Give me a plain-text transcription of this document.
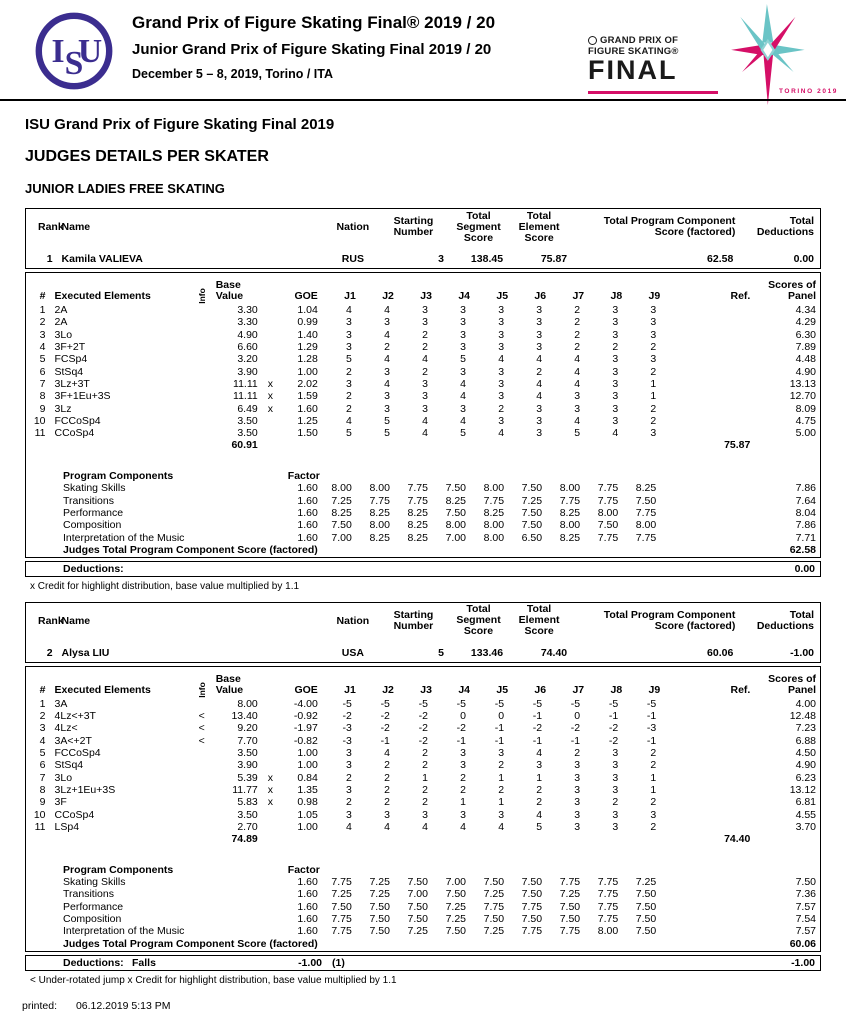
I S
U
Grand Prix of Figure Skating Final® 2019 / 20
Junior Grand Prix of Figure Skating Final 2019 / 20
December 5 – 8, 2019, Torino / ITA
GRAND PRIX OF
FIGURE SKATING®
FINAL
TORINO 2019
ISU Grand Prix of Figure Skating Final 2019
JUDGES DETAILS PER SKATER
JUNIOR LADIES FREE SKATING
Rank	Name	Nation	Starting
Number	Total
Segment
Score	Total
Element
Score	Total Program Component
Score (factored)	Total
Deductions
1	Kamila VALIEVA	RUS	3	138.45	75.87	62.58	0.00
#	Executed Elements	Info	Base
Value		GOE	J1	J2	J3	J4	J5	J6	J7	J8	J9	Ref.	Scores of
Panel
1	2A		3.30		1.04	4	4	3	3	3	3	2	3	3		4.34
2	2A		3.30		0.99	3	3	3	3	3	3	2	3	3		4.29
3	3Lo		4.90		1.40	3	4	2	3	3	3	2	3	3		6.30
4	3F+2T		6.60		1.29	3	2	2	3	3	3	2	2	2		7.89
5	FCSp4		3.20		1.28	5	4	4	5	4	4	4	3	3		4.48
6	StSq4		3.90		1.00	2	3	2	3	3	2	4	3	2		4.90
7	3Lz+3T		11.11	x	2.02	3	4	3	4	3	4	4	3	1		13.13
8	3F+1Eu+3S		11.11	x	1.59	2	3	3	4	3	4	3	3	1		12.70
9	3Lz		6.49	x	1.60	2	3	3	3	2	3	3	3	2		8.09
10	FCCoSp4		3.50		1.25	4	5	4	4	3	3	4	3	2		4.75
11	CCoSp4		3.50		1.50	5	5	4	5	4	3	5	4	3		5.00
			60.91												75.87	

Program Components					Factor											
Skating Skills					1.60	8.00	8.00	7.75	7.50	8.00	7.50	8.00	7.75	8.25		7.86
Transitions					1.60	7.25	7.75	7.75	8.25	7.75	7.25	7.75	7.75	7.50		7.64
Performance					1.60	8.25	8.25	8.25	7.50	8.25	7.50	8.25	8.00	7.75		8.04
Composition					1.60	7.50	8.00	8.25	8.00	8.00	7.50	8.00	7.50	8.00		7.86
Interpretation of the Music					1.60	7.00	8.25	8.25	7.00	8.00	6.50	8.25	7.75	7.75		7.71
Judges Total Program Component Score (factored)																62.58
Deductions:	0.00
x Credit for highlight distribution, base value multiplied by 1.1
Rank	Name	Nation	Starting
Number	Total
Segment
Score	Total
Element
Score	Total Program Component
Score (factored)	Total
Deductions
2	Alysa LIU	USA	5	133.46	74.40	60.06	-1.00
#	Executed Elements	Info	Base
Value		GOE	J1	J2	J3	J4	J5	J6	J7	J8	J9	Ref.	Scores of
Panel
1	3A		8.00		-4.00	-5	-5	-5	-5	-5	-5	-5	-5	-5		4.00
2	4Lz<+3T	<	13.40		-0.92	-2	-2	-2	0	0	-1	0	-1	-1		12.48
3	4Lz<	<	9.20		-1.97	-3	-2	-2	-2	-1	-2	-2	-2	-3		7.23
4	3A<+2T	<	7.70		-0.82	-3	-1	-2	-1	-1	-1	-1	-2	-1		6.88
5	FCCoSp4		3.50		1.00	3	4	2	3	3	4	2	3	2		4.50
6	StSq4		3.90		1.00	3	2	2	3	2	3	3	3	2		4.90
7	3Lo		5.39	x	0.84	2	2	1	2	1	1	3	3	1		6.23
8	3Lz+1Eu+3S		11.77	x	1.35	3	2	2	2	2	2	3	3	1		13.12
9	3F		5.83	x	0.98	2	2	2	1	1	2	3	2	2		6.81
10	CCoSp4		3.50		1.05	3	3	3	3	3	4	3	3	3		4.55
11	LSp4		2.70		1.00	4	4	4	4	4	5	3	3	2		3.70
			74.89												74.40	

Program Components					Factor											
Skating Skills					1.60	7.75	7.25	7.50	7.00	7.50	7.50	7.75	7.75	7.25		7.50
Transitions					1.60	7.25	7.25	7.00	7.50	7.25	7.50	7.25	7.75	7.50		7.36
Performance					1.60	7.50	7.50	7.50	7.25	7.75	7.75	7.50	7.75	7.50		7.57
Composition					1.60	7.75	7.50	7.50	7.25	7.50	7.50	7.50	7.75	7.50		7.54
Interpretation of the Music					1.60	7.75	7.50	7.25	7.50	7.25	7.75	7.75	8.00	7.50		7.57
Judges Total Program Component Score (factored)																60.06
Deductions: Falls	-1.00 (1)	-1.00
< Under-rotated jump x Credit for highlight distribution, base value multiplied by 1.1
printed: 06.12.2019 5:13 PM
